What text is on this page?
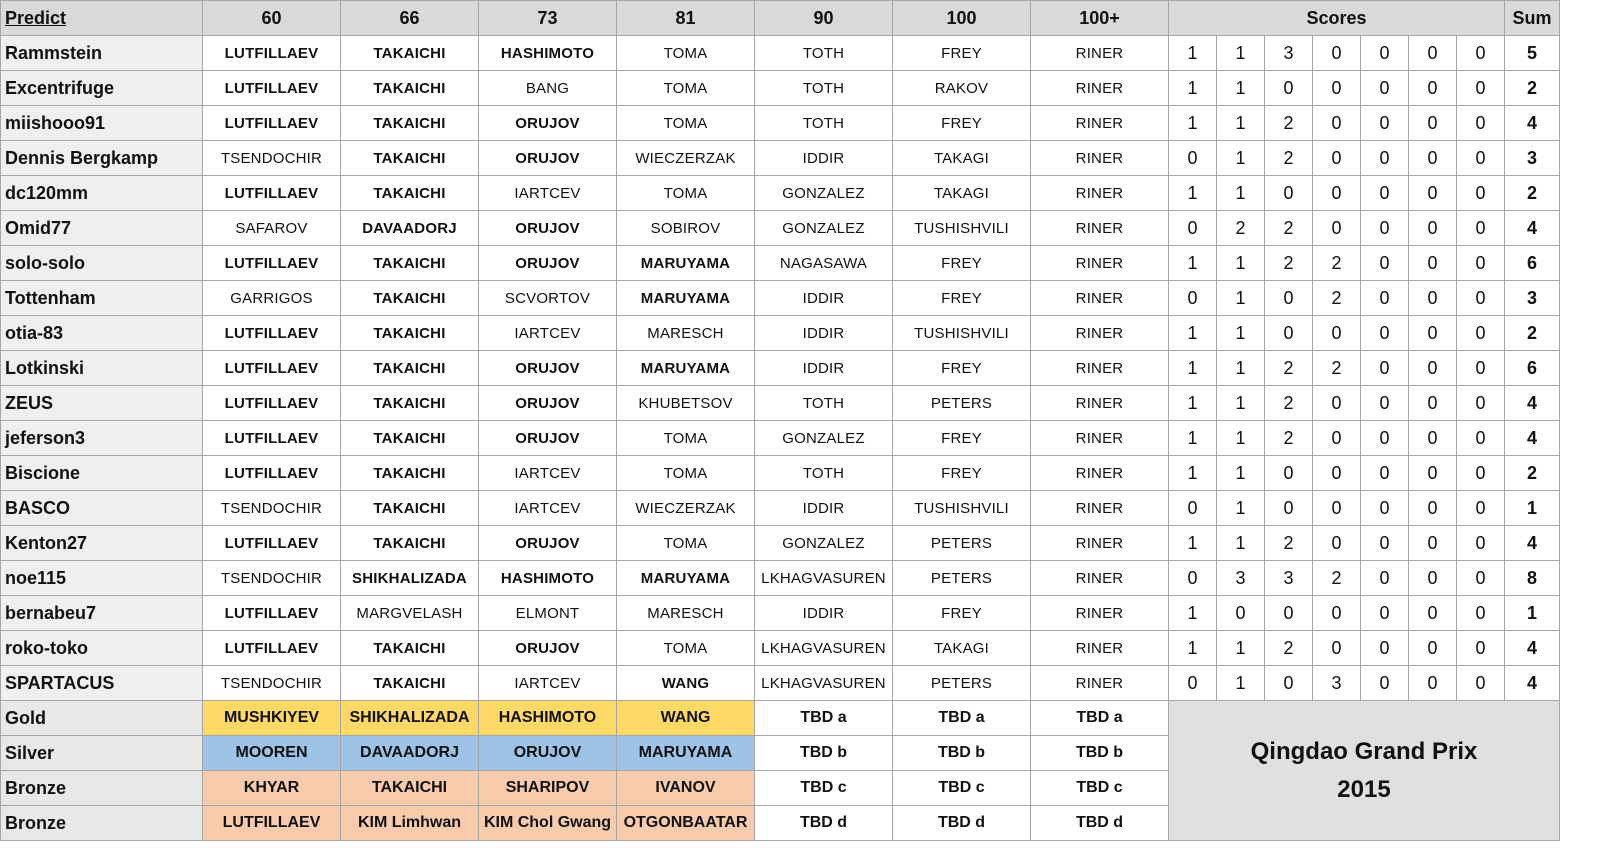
Predict	60	66	73	81	90	100	100+	Scores							Sum
Rammstein	LUTFILLAEV	TAKAICHI	HASHIMOTO	TOMA	TOTH	FREY	RINER	1	1	3	0	0	0	0	5
Excentrifuge	LUTFILLAEV	TAKAICHI	BANG	TOMA	TOTH	RAKOV	RINER	1	1	0	0	0	0	0	2
miishooo91	LUTFILLAEV	TAKAICHI	ORUJOV	TOMA	TOTH	FREY	RINER	1	1	2	0	0	0	0	4
Dennis Bergkamp	TSENDOCHIR	TAKAICHI	ORUJOV	WIECZERZAK	IDDIR	TAKAGI	RINER	0	1	2	0	0	0	0	3
dc120mm	LUTFILLAEV	TAKAICHI	IARTCEV	TOMA	GONZALEZ	TAKAGI	RINER	1	1	0	0	0	0	0	2
Omid77	SAFAROV	DAVAADORJ	ORUJOV	SOBIROV	GONZALEZ	TUSHISHVILI	RINER	0	2	2	0	0	0	0	4
solo-solo	LUTFILLAEV	TAKAICHI	ORUJOV	MARUYAMA	NAGASAWA	FREY	RINER	1	1	2	2	0	0	0	6
Tottenham	GARRIGOS	TAKAICHI	SCVORTOV	MARUYAMA	IDDIR	FREY	RINER	0	1	0	2	0	0	0	3
otia-83	LUTFILLAEV	TAKAICHI	IARTCEV	MARESCH	IDDIR	TUSHISHVILI	RINER	1	1	0	0	0	0	0	2
Lotkinski	LUTFILLAEV	TAKAICHI	ORUJOV	MARUYAMA	IDDIR	FREY	RINER	1	1	2	2	0	0	0	6
ZEUS	LUTFILLAEV	TAKAICHI	ORUJOV	KHUBETSOV	TOTH	PETERS	RINER	1	1	2	0	0	0	0	4
jeferson3	LUTFILLAEV	TAKAICHI	ORUJOV	TOMA	GONZALEZ	FREY	RINER	1	1	2	0	0	0	0	4
Biscione	LUTFILLAEV	TAKAICHI	IARTCEV	TOMA	TOTH	FREY	RINER	1	1	0	0	0	0	0	2
BASCO	TSENDOCHIR	TAKAICHI	IARTCEV	WIECZERZAK	IDDIR	TUSHISHVILI	RINER	0	1	0	0	0	0	0	1
Kenton27	LUTFILLAEV	TAKAICHI	ORUJOV	TOMA	GONZALEZ	PETERS	RINER	1	1	2	0	0	0	0	4
noe115	TSENDOCHIR	SHIKHALIZADA	HASHIMOTO	MARUYAMA	LKHAGVASUREN	PETERS	RINER	0	3	3	2	0	0	0	8
bernabeu7	LUTFILLAEV	MARGVELASH	ELMONT	MARESCH	IDDIR	FREY	RINER	1	0	0	0	0	0	0	1
roko-toko	LUTFILLAEV	TAKAICHI	ORUJOV	TOMA	LKHAGVASUREN	TAKAGI	RINER	1	1	2	0	0	0	0	4
SPARTACUS	TSENDOCHIR	TAKAICHI	IARTCEV	WANG	LKHAGVASUREN	PETERS	RINER	0	1	0	3	0	0	0	4
Gold	MUSHKIYEV	SHIKHALIZADA	HASHIMOTO	WANG	TBD a	TBD a	TBD a	Qingdao Grand Prix
2015							

Silver	MOOREN	DAVAADORJ	ORUJOV	MARUYAMA	TBD b	TBD b	TBD b								
Bronze	KHYAR	TAKAICHI	SHARIPOV	IVANOV	TBD c	TBD c	TBD c								
Bronze	LUTFILLAEV	KIM Limhwan	KIM Chol Gwang	OTGONBAATAR	TBD d	TBD d	TBD d								
